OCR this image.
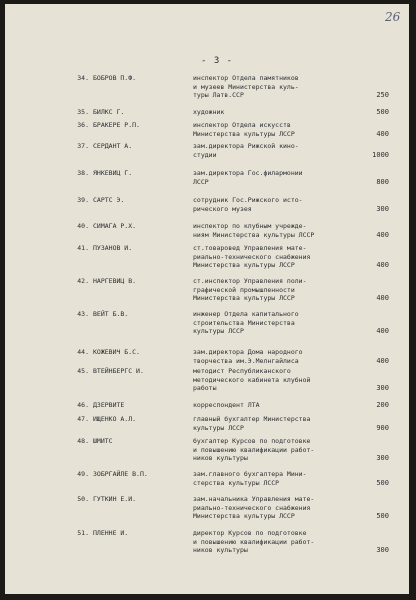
26
- 3 -
34. БОБРОВ П.Ф.	инспектор Отдела памятников
и музеев Министерства куль-
туры Латв.ССР	250
35. БИЛКС Г.	художник	500
36. БРАКЕРЕ Р.П.	инспектор Отдела искусств
Министерства культуры ЛССР	400
37. СЕРДАНТ А.	зам.директора Рижской кино-
студии	1000
38. ЯНКЕВИЦ Г.	зам.директора Гос.филармонии
ЛССР	800
39. САРТС Э.	сотрудник Гос.Рижского исто-
рического музея	300
40. СИМАГА Р.Х.	инспектор по клубным учрежде-
ниям Министерства культуры ЛССР	400
41. ПУЗАНОВ И.	ст.товаровед Управления мате-
риально-технического снабжения
Министерства культуры ЛССР	400
42. НАРГЕВИЦ В.	ст.инспектор Управления поли-
графической промышленности
Министерства культуры ЛССР	400
43. ВЕЙТ Б.В.	инженер Отдела капитального
строительства Министерства
культуры ЛССР	400
44. КОЖЕВИЧ Б.С.	зам.директора Дома народного
творчества им.Э.Мелнгайлиса	400
45. ВТЕЙНБЕРГС И.	методист Республиканского
методического кабинета клубной
работы	300
46. ДЗЕРВИТЕ	корреспондент ЛТА	200
47. ИЩЕНКО А.Л.	главный бухгалтер Министерства
культуры ЛССР	900
48. ШМИТС	бухгалтер Курсов по подготовке
и повышению квалификации работ-
ников культуры	300
49. ЗОБРГАЙЛЕ В.П.	зам.главного бухгалтера Мини-
стерства культуры ЛССР	500
50. ГУТКИН Е.И.	зам.начальника Управления мате-
риально-технического снабжения
Министерства культуры ЛССР	500
51. ПЛЕННЕ И.	директор Курсов по подготовке
и повышению квалификации работ-
ников культуры	300
